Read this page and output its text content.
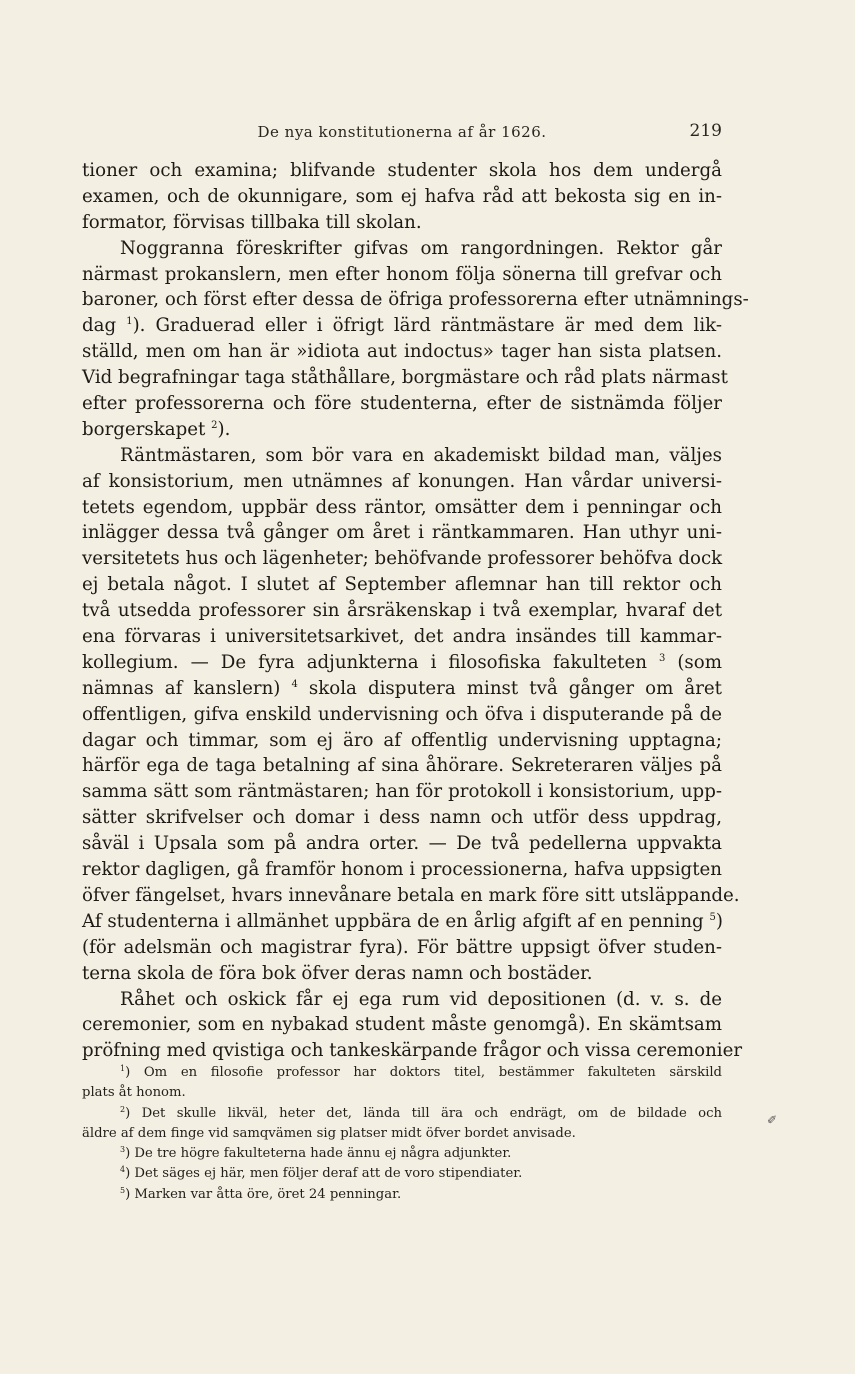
De nya konstitutionerna af år 1626.	219
tioner och examina; blifvande studenter skola hos dem undergå
examen, och de okunnigare, som ej hafva råd att bekosta sig en in-
formator, förvisas tillbaka till skolan.
Noggranna föreskrifter gifvas om rangordningen. Rektor går
närmast prokanslern, men efter honom följa sönerna till grefvar och
baroner, och först efter dessa de öfriga professorerna efter utnämnings-
dag $^1$). Graduerad eller i öfrigt lärd räntmästare är med dem lik-
ställd, men om han är »idiota aut indoctus» tager han sista platsen.
Vid begrafningar taga ståthållare, borgmästare och råd plats närmast
efter professorerna och före studenterna, efter de sistnämda följer
borgerskapet $^2$).
Räntmästaren, som bör vara en akademiskt bildad man, väljes
af konsistorium, men utnämnes af konungen. Han vårdar universi-
tetets egendom, uppbär dess räntor, omsätter dem i penningar och
inlägger dessa två gånger om året i räntkammaren. Han uthyr uni-
versitetets hus och lägenheter; behöfvande professorer behöfva dock
ej betala något. I slutet af September aflemnar han till rektor och
två utsedda professorer sin årsräkenskap i två exemplar, hvaraf det
ena förvaras i universitetsarkivet, det andra insändes till kammar-
kollegium. — De fyra adjunkterna i filosofiska fakulteten $^3$ (som
nämnas af kanslern) $^4$ skola disputera minst två gånger om året
offentligen, gifva enskild undervisning och öfva i disputerande på de
dagar och timmar, som ej äro af offentlig undervisning upptagna;
härför ega de taga betalning af sina åhörare. Sekreteraren väljes på
samma sätt som räntmästaren; han för protokoll i konsistorium, upp-
sätter skrifvelser och domar i dess namn och utför dess uppdrag,
såväl i Upsala som på andra orter. — De två pedellerna uppvakta
rektor dagligen, gå framför honom i processionerna, hafva uppsigten
öfver fängelset, hvars innevånare betala en mark före sitt utsläppande.
Af studenterna i allmänhet uppbära de en årlig afgift af en penning $^5$)
(för adelsmän och magistrar fyra). För bättre uppsigt öfver studen-
terna skola de föra bok öfver deras namn och bostäder.
Råhet och oskick får ej ega rum vid depositionen (d. v. s. de
ceremonier, som en nybakad student måste genomgå). En skämtsam
pröfning med qvistiga och tankeskärpande frågor och vissa ceremonier
$^1$) Om en filosofie professor har doktors titel, bestämmer fakulteten särskild
plats åt honom.
$^2$) Det skulle likväl, heter det, lända till ära och endrägt, om de bildade och
äldre af dem finge vid samqvämen sig platser midt öfver bordet anvisade.
$^3$) De tre högre fakulteterna hade ännu ej några adjunkter.
$^4$) Det säges ej här, men följer deraf att de voro stipendiater.
$^5$) Marken var åtta öre, öret 24 penningar.
✐
